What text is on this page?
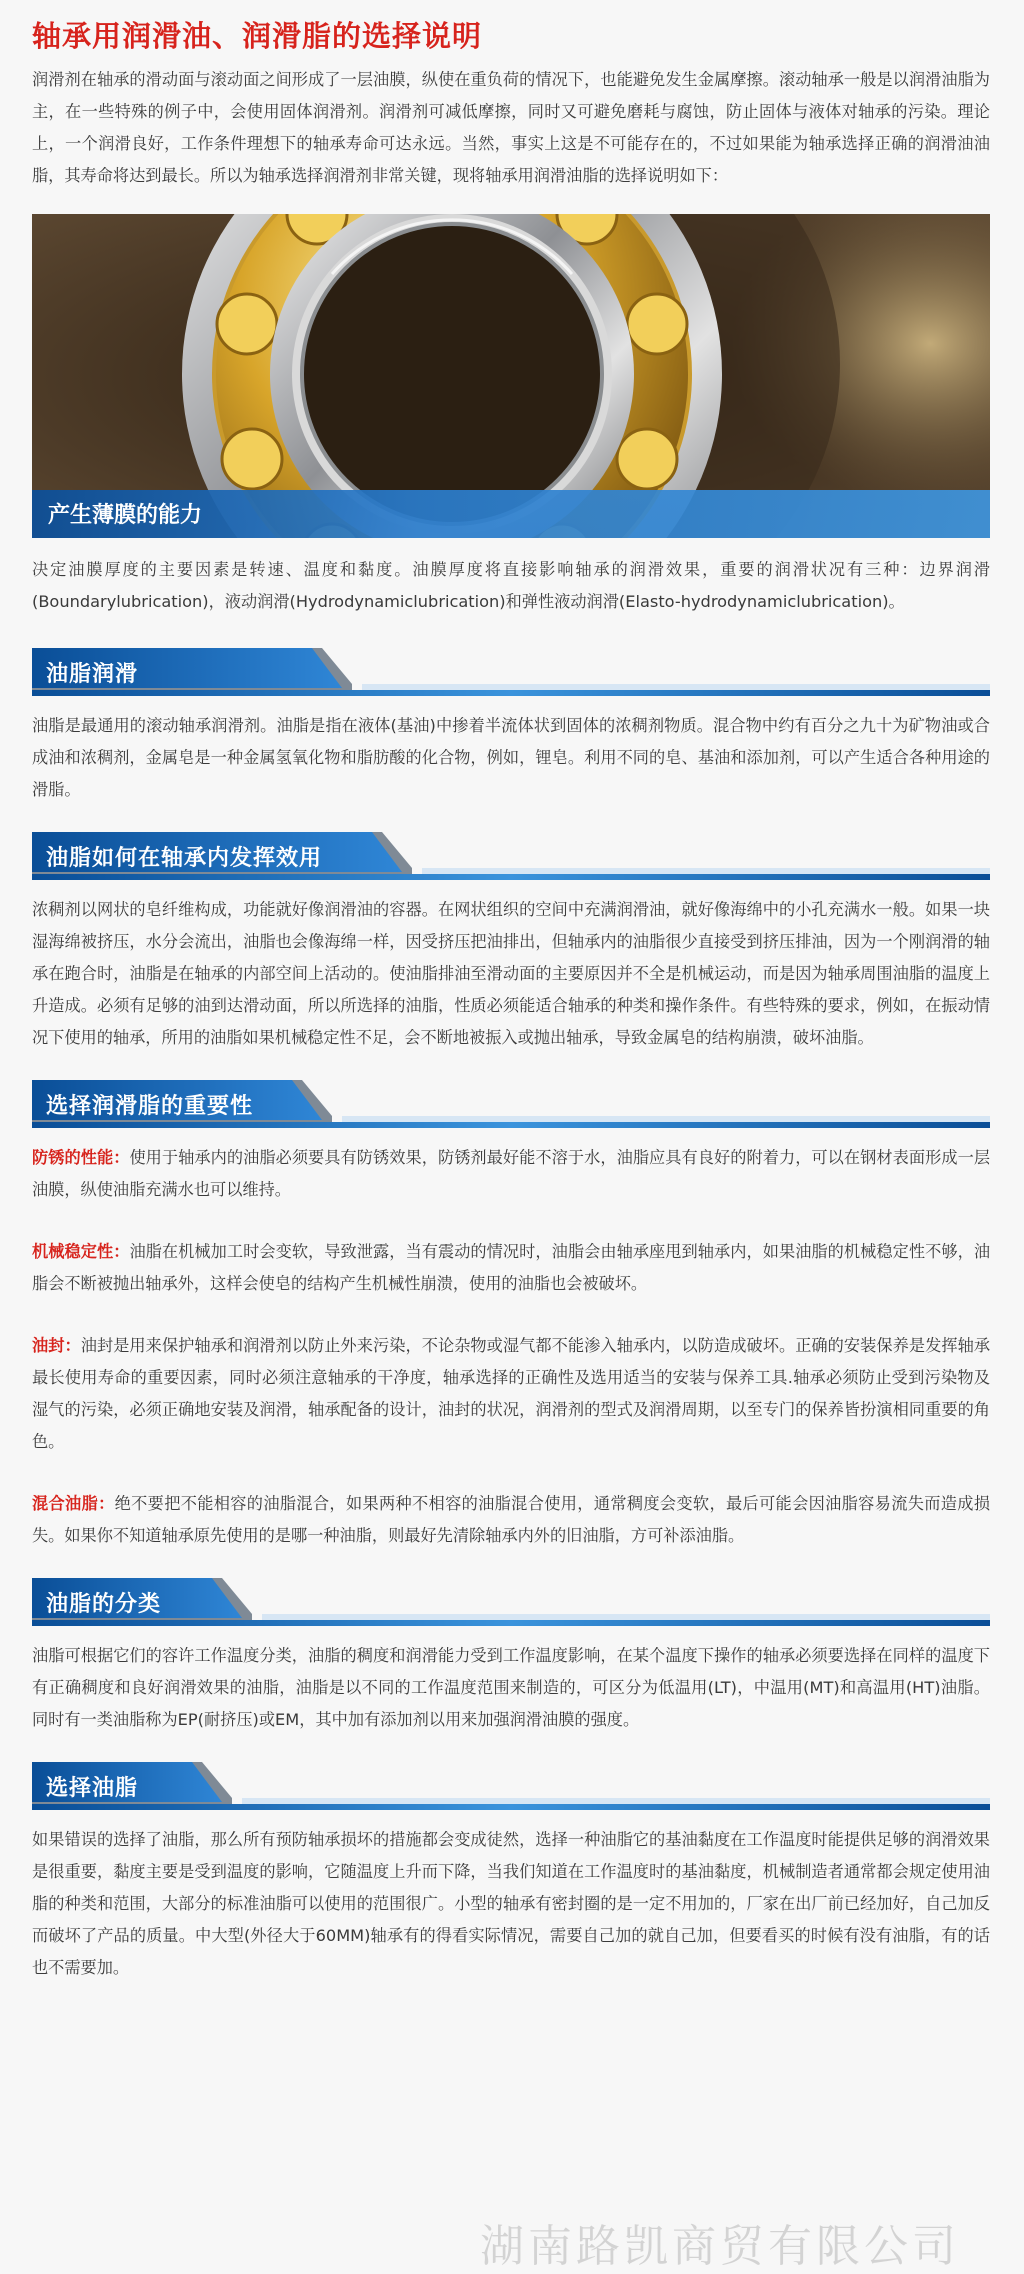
轴承用润滑油、润滑脂的选择说明

润滑剂在轴承的滑动面与滚动面之间形成了一层油膜，纵使在重负荷的情况下，也能避免发生金属摩擦。滚动轴承一般是以润滑油脂为主，在一些特殊的例子中，会使用固体润滑剂。润滑剂可减低摩擦，同时又可避免磨耗与腐蚀，防止固体与液体对轴承的污染。理论上，一个润滑良好，工作条件理想下的轴承寿命可达永远。当然，事实上这是不可能存在的，不过如果能为轴承选择正确的润滑油油脂，其寿命将达到最长。所以为轴承选择润滑剂非常关键，现将轴承用润滑油脂的选择说明如下：

产生薄膜的能力

决定油膜厚度的主要因素是转速、温度和黏度。油膜厚度将直接影响轴承的润滑效果，重要的润滑状况有三种：边界润滑(Boundarylubrication)，液动润滑(Hydrodynamiclubrication)和弹性液动润滑(Elasto-hydrodynamiclubrication)。

油脂润滑

油脂是最通用的滚动轴承润滑剂。油脂是指在液体(基油)中掺着半流体状到固体的浓稠剂物质。混合物中约有百分之九十为矿物油或合成油和浓稠剂，金属皂是一种金属氢氧化物和脂肪酸的化合物，例如，锂皂。利用不同的皂、基油和添加剂，可以产生适合各种用途的滑脂。

油脂如何在轴承内发挥效用

浓稠剂以网状的皂纤维构成，功能就好像润滑油的容器。在网状组织的空间中充满润滑油，就好像海绵中的小孔充满水一般。如果一块湿海绵被挤压，水分会流出，油脂也会像海绵一样，因受挤压把油排出，但轴承内的油脂很少直接受到挤压排油，因为一个刚润滑的轴承在跑合时，油脂是在轴承的内部空间上活动的。使油脂排油至滑动面的主要原因并不全是机械运动，而是因为轴承周围油脂的温度上升造成。必须有足够的油到达滑动面，所以所选择的油脂，性质必须能适合轴承的种类和操作条件。有些特殊的要求，例如，在振动情况下使用的轴承，所用的油脂如果机械稳定性不足，会不断地被振入或抛出轴承，导致金属皂的结构崩溃，破坏油脂。

选择润滑脂的重要性

防锈的性能：使用于轴承内的油脂必须要具有防锈效果，防锈剂最好能不溶于水，油脂应具有良好的附着力，可以在钢材表面形成一层油膜，纵使油脂充满水也可以维持。

机械稳定性：油脂在机械加工时会变软，导致泄露，当有震动的情况时，油脂会由轴承座甩到轴承内，如果油脂的机械稳定性不够，油脂会不断被抛出轴承外，这样会使皂的结构产生机械性崩溃，使用的油脂也会被破坏。

油封：油封是用来保护轴承和润滑剂以防止外来污染，不论杂物或湿气都不能渗入轴承内，以防造成破坏。正确的安装保养是发挥轴承最长使用寿命的重要因素，同时必须注意轴承的干净度，轴承选择的正确性及选用适当的安装与保养工具.轴承必须防止受到污染物及湿气的污染，必须正确地安装及润滑，轴承配备的设计，油封的状况，润滑剂的型式及润滑周期，以至专门的保养皆扮演相同重要的角色。

混合油脂：绝不要把不能相容的油脂混合，如果两种不相容的油脂混合使用，通常稠度会变软，最后可能会因油脂容易流失而造成损失。如果你不知道轴承原先使用的是哪一种油脂，则最好先清除轴承内外的旧油脂，方可补添油脂。

油脂的分类

油脂可根据它们的容许工作温度分类，油脂的稠度和润滑能力受到工作温度影响，在某个温度下操作的轴承必须要选择在同样的温度下有正确稠度和良好润滑效果的油脂，油脂是以不同的工作温度范围来制造的，可区分为低温用(LT)，中温用(MT)和高温用(HT)油脂。同时有一类油脂称为EP(耐挤压)或EM，其中加有添加剂以用来加强润滑油膜的强度。

选择油脂

如果错误的选择了油脂，那么所有预防轴承损坏的措施都会变成徒然，选择一种油脂它的基油黏度在工作温度时能提供足够的润滑效果是很重要，黏度主要是受到温度的影响，它随温度上升而下降，当我们知道在工作温度时的基油黏度，机械制造者通常都会规定使用油脂的种类和范围，大部分的标准油脂可以使用的范围很广。小型的轴承有密封圈的是一定不用加的，厂家在出厂前已经加好，自己加反而破坏了产品的质量。中大型(外径大于60MM)轴承有的得看实际情况，需要自己加的就自己加，但要看买的时候有没有油脂，有的话也不需要加。

湖南路凯商贸有限公司
